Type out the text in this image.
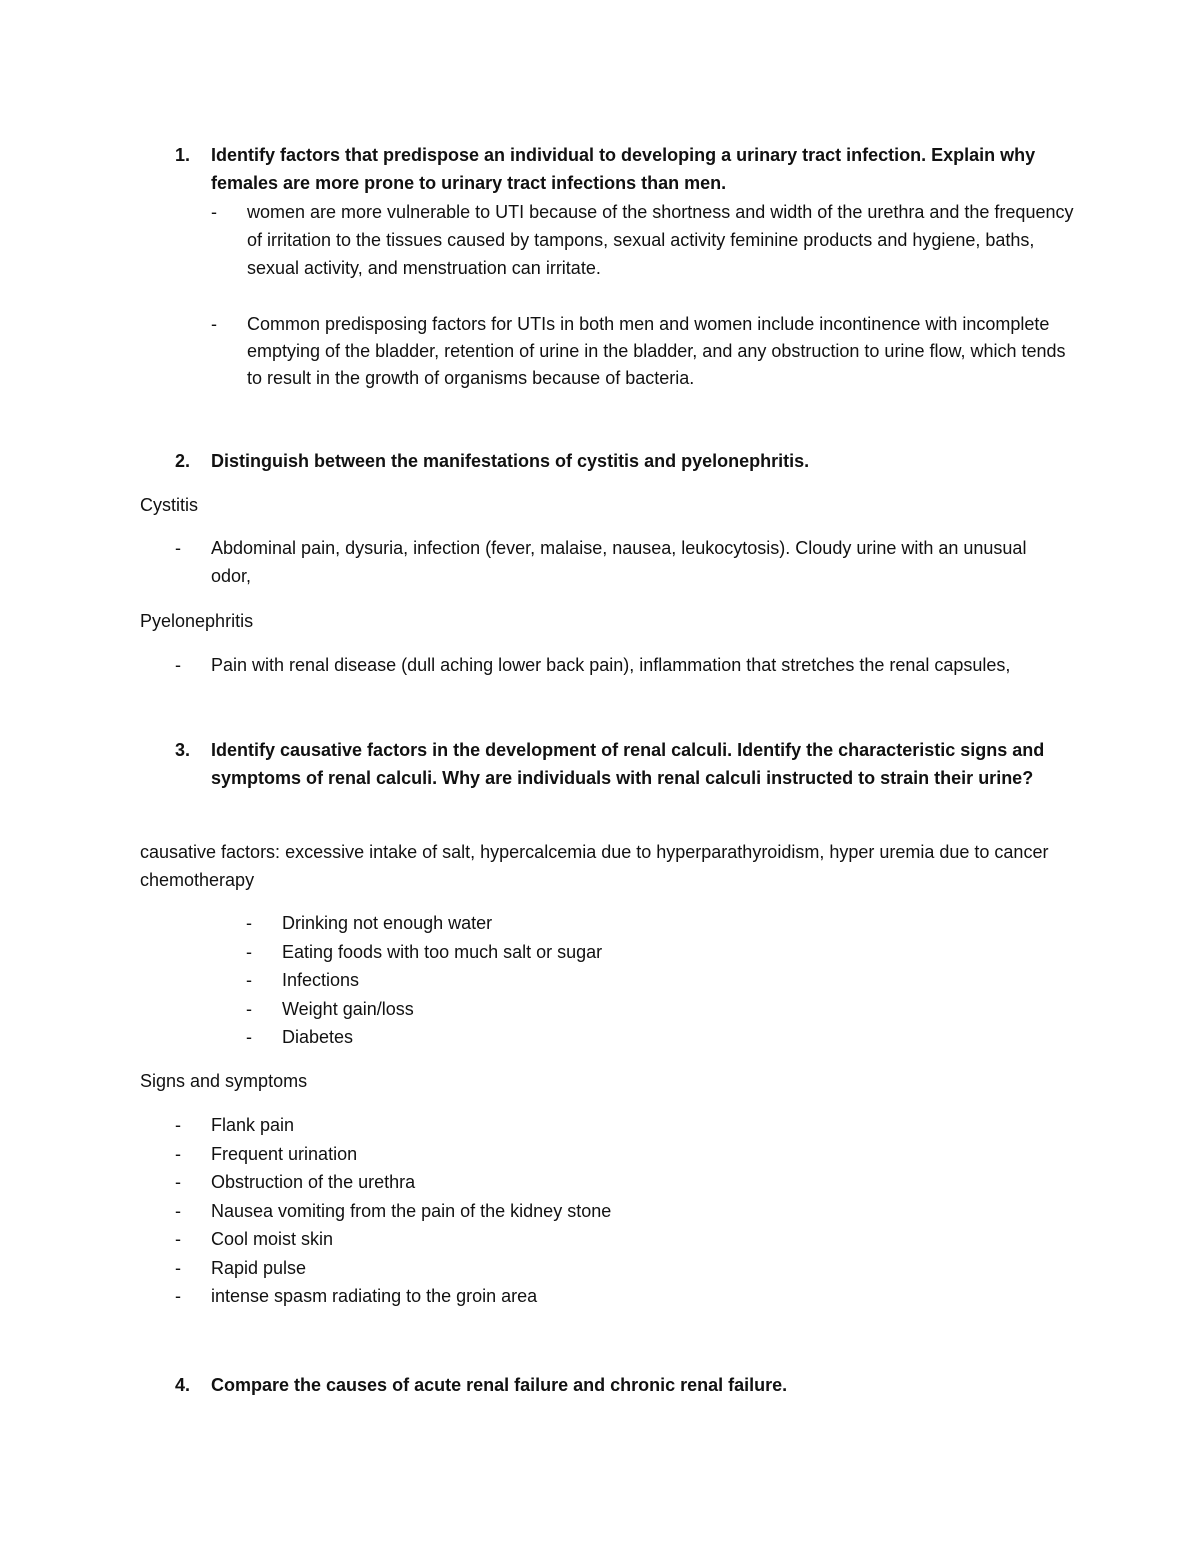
1. Identify factors that predispose an individual to developing a urinary tract infection. Explain why females are more prone to urinary tract infections than men.
- women are more vulnerable to UTI because of the shortness and width of the urethra and the frequency of irritation to the tissues caused by tampons, sexual activity feminine products and hygiene, baths, sexual activity, and menstruation can irritate.
- Common predisposing factors for UTIs in both men and women include incontinence with incomplete emptying of the bladder, retention of urine in the bladder, and any obstruction to urine flow, which tends to result in the growth of organisms because of bacteria.
2. Distinguish between the manifestations of cystitis and pyelonephritis.
Cystitis
- Abdominal pain, dysuria, infection (fever, malaise, nausea, leukocytosis). Cloudy urine with an unusual odor,
Pyelonephritis
- Pain with renal disease (dull aching lower back pain), inflammation that stretches the renal capsules,
3. Identify causative factors in the development of renal calculi. Identify the characteristic signs and symptoms of renal calculi. Why are individuals with renal calculi instructed to strain their urine?
causative factors: excessive intake of salt, hypercalcemia due to hyperparathyroidism, hyper uremia due to cancer chemotherapy
- Drinking not enough water
- Eating foods with too much salt or sugar
- Infections
- Weight gain/loss
- Diabetes
Signs and symptoms
- Flank pain
- Frequent urination
- Obstruction of the urethra
- Nausea vomiting from the pain of the kidney stone
- Cool moist skin
- Rapid pulse
- intense spasm radiating to the groin area
4. Compare the causes of acute renal failure and chronic renal failure.
